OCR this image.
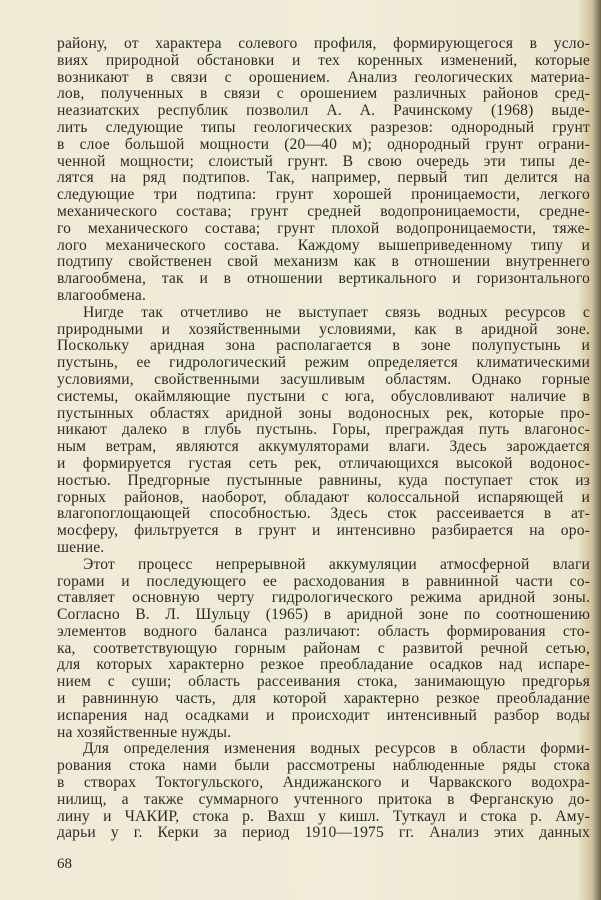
району, от характера солевого профиля, формирующегося в усло-
виях природной обстановки и тех коренных изменений, которые
возникают в связи с орошением. Анализ геологических материа-
лов, полученных в связи с орошением различных районов сред-
неазиатских республик позволил А. А. Рачинскому (1968) выде-
лить следующие типы геологических разрезов: однородный грунт
в слое большой мощности (20—40 м); однородный грунт ограни-
ченной мощности; слоистый грунт. В свою очередь эти типы де-
лятся на ряд подтипов. Так, например, первый тип делится на
следующие три подтипа: грунт хорошей проницаемости, легкого
механического состава; грунт средней водопроницаемости, средне-
го механического состава; грунт плохой водопроницаемости, тяже-
лого механического состава. Каждому вышеприведенному типу и
подтипу свойственен свой механизм как в отношении внутреннего
влагообмена, так и в отношении вертикального и горизонтального
влагообмена.
Нигде так отчетливо не выступает связь водных ресурсов с
природными и хозяйственными условиями, как в аридной зоне.
Поскольку аридная зона располагается в зоне полупустынь и
пустынь, ее гидрологический режим определяется климатическими
условиями, свойственными засушливым областям. Однако горные
системы, окаймляющие пустыни с юга, обусловливают наличие в
пустынных областях аридной зоны водоносных рек, которые про-
никают далеко в глубь пустынь. Горы, преграждая путь влагонос-
ным ветрам, являются аккумуляторами влаги. Здесь зарождается
и формируется густая сеть рек, отличающихся высокой водонос-
ностью. Предгорные пустынные равнины, куда поступает сток из
горных районов, наоборот, обладают колоссальной испаряющей и
влагопоглощающей способностью. Здесь сток рассеивается в ат-
мосферу, фильтруется в грунт и интенсивно разбирается на оро-
шение.
Этот процесс непрерывной аккумуляции атмосферной влаги
горами и последующего ее расходования в равнинной части со-
ставляет основную черту гидрологического режима аридной зоны.
Согласно В. Л. Шульцу (1965) в аридной зоне по соотношению
элементов водного баланса различают: область формирования сто-
ка, соответствующую горным районам с развитой речной сетью,
для которых характерно резкое преобладание осадков над испаре-
нием с суши; область рассеивания стока, занимающую предгорья
и равнинную часть, для которой характерно резкое преобладание
испарения над осадками и происходит интенсивный разбор воды
на хозяйственные нужды.
Для определения изменения водных ресурсов в области форми-
рования стока нами были рассмотрены наблюденные ряды стока
в створах Токтогульского, Андижанского и Чарвакского водохра-
нилищ, а также суммарного учтенного притока в Ферганскую до-
лину и ЧАКИР, стока р. Вахш у кишл. Туткаул и стока р. Аму-
дарьи у г. Керки за период 1910—1975 гг. Анализ этих данных
68
